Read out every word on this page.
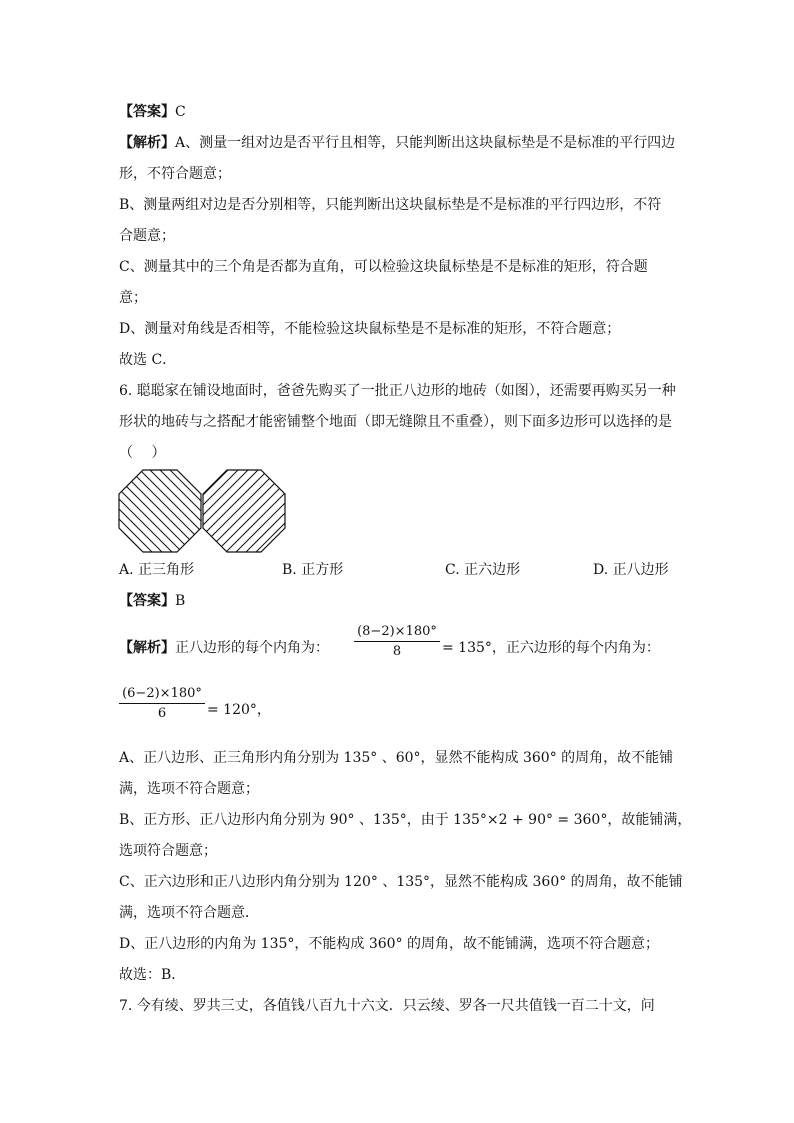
【答案】C
【解析】A、测量一组对边是否平行且相等，只能判断出这块鼠标垫是不是标准的平行四边
形，不符合题意；
B、测量两组对边是否分别相等，只能判断出这块鼠标垫是不是标准的平行四边形，不符
合题意；
C、测量其中的三个角是否都为直角，可以检验这块鼠标垫是不是标准的矩形，符合题
意；
D、测量对角线是否相等，不能检验这块鼠标垫是不是标准的矩形，不符合题意；
故选 C．
6. 聪聪家在铺设地面时，爸爸先购买了一批正八边形的地砖（如图），还需要再购买另一种
形状的地砖与之搭配才能密铺整个地面（即无缝隙且不重叠），则下面多边形可以选择的是
（　 ）
A. 正三角形	B. 正方形	C. 正六边形	D. 正八边形
【答案】B
【解析】正八边形的每个内角为：
(8−2)×180°
8	= 135°，正六边形的每个内角为：
(6−2)×180°
6	= 120°，
A、正八边形、正三角形内角分别为 135° 、60°，显然不能构成 360° 的周角，故不能铺
满，选项不符合题意；
B、正方形、正八边形内角分别为 90° 、135°，由于 135°×2 + 90° = 360°，故能铺满，
选项符合题意；
C、正六边形和正八边形内角分别为 120° 、135°，显然不能构成 360° 的周角，故不能铺
满，选项不符合题意．
D、正八边形的内角为 135°，不能构成 360° 的周角，故不能铺满，选项不符合题意；
故选：B．
7. 今有绫、罗共三丈，各值钱八百九十六文．只云绫、罗各一尺共值钱一百二十文，问
